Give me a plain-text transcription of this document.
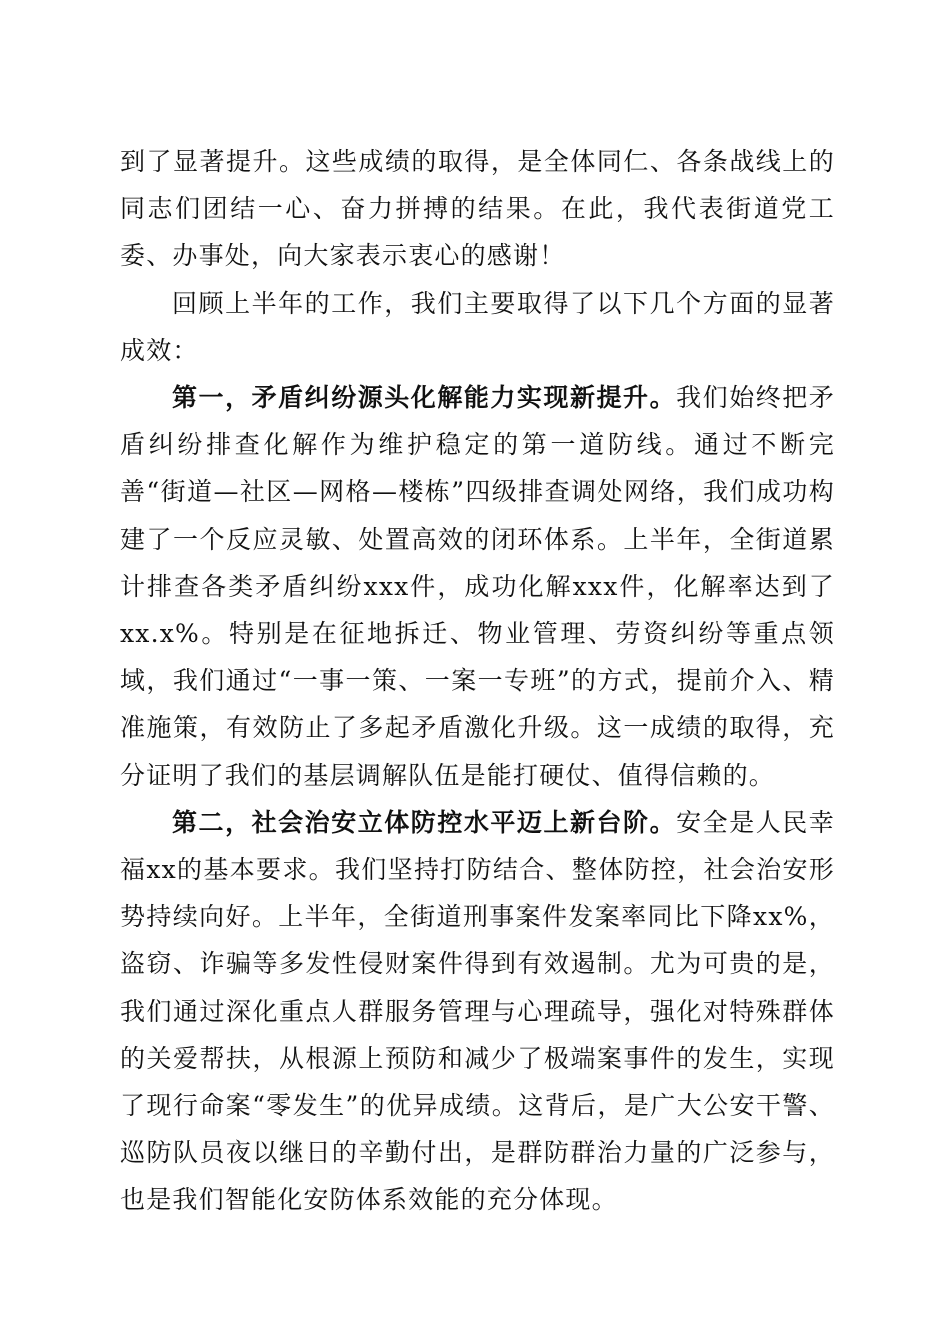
到了显著提升。这些成绩的取得，是全体同仁、各条战线上的同志们团结一心、奋力拼搏的结果。在此，我代表街道党工委、办事处，向大家表示衷心的感谢！

回顾上半年的工作，我们主要取得了以下几个方面的显著成效：

第一，矛盾纠纷源头化解能力实现新提升。我们始终把矛盾纠纷排查化解作为维护稳定的第一道防线。通过不断完善“街道—社区—网格—楼栋”四级排查调处网络，我们成功构建了一个反应灵敏、处置高效的闭环体系。上半年，全街道累计排查各类矛盾纠纷xxx件，成功化解xxx件，化解率达到了xx.x%。特别是在征地拆迁、物业管理、劳资纠纷等重点领域，我们通过“一事一策、一案一专班”的方式，提前介入、精准施策，有效防止了多起矛盾激化升级。这一成绩的取得，充分证明了我们的基层调解队伍是能打硬仗、值得信赖的。

第二，社会治安立体防控水平迈上新台阶。安全是人民幸福xx的基本要求。我们坚持打防结合、整体防控，社会治安形势持续向好。上半年，全街道刑事案件发案率同比下降xx%，盗窃、诈骗等多发性侵财案件得到有效遏制。尤为可贵的是，我们通过深化重点人群服务管理与心理疏导，强化对特殊群体的关爱帮扶，从根源上预防和减少了极端案事件的发生，实现了现行命案“零发生”的优异成绩。这背后，是广大公安干警、巡防队员夜以继日的辛勤付出，是群防群治力量的广泛参与，也是我们智能化安防体系效能的充分体现。
